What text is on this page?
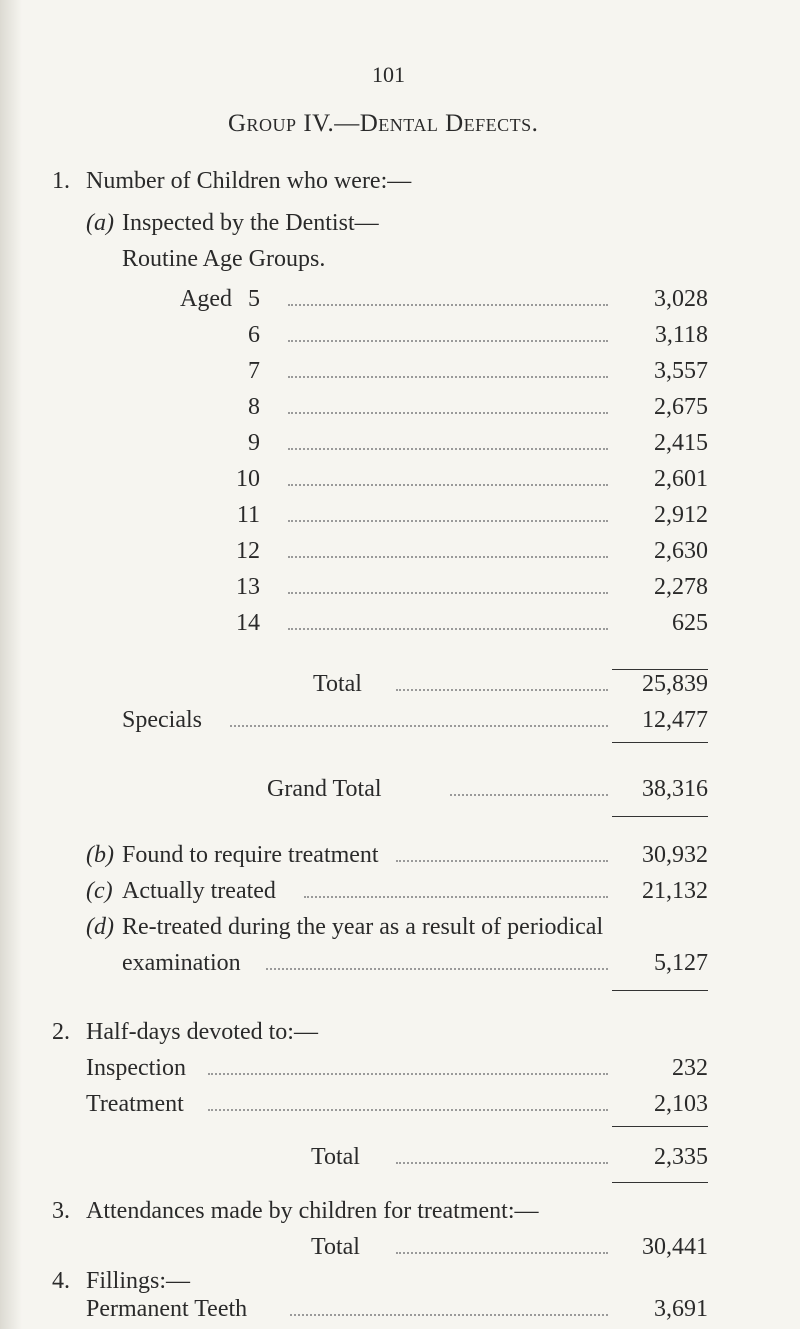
101
Group IV.—Dental Defects.
1. Number of Children who were:—
(a) Inspected by the Dentist—
Routine Age Groups.
Aged 5	3,028
6	3,118
7	3,557
8	2,675
9	2,415
10	2,601
11	2,912
12	2,630
13	2,278
14	625
Total	25,839
Specials	12,477
Grand Total	38,316
(b) Found to require treatment	30,932
(c) Actually treated	21,132
(d) Re-treated during the year as a result of periodical
examination	5,127
2. Half-days devoted to:—
Inspection	232
Treatment	2,103
Total	2,335
3. Attendances made by children for treatment:—
Total	30,441
4. Fillings:—
Permanent Teeth	3,691
